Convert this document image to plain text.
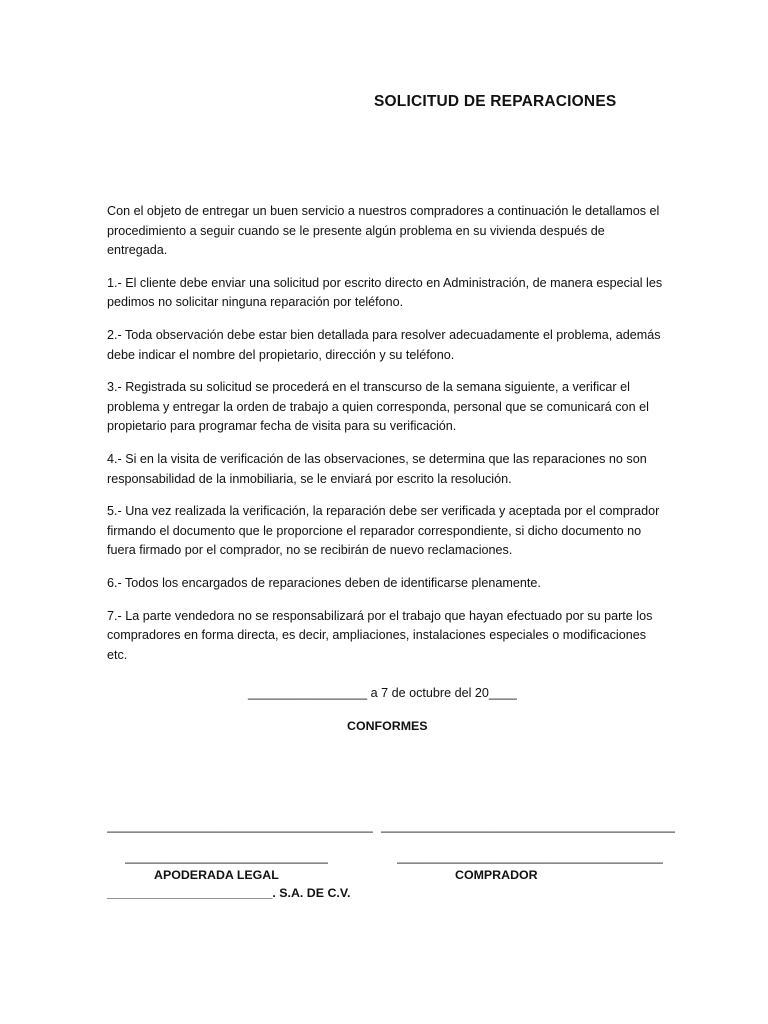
SOLICITUD DE REPARACIONES

Con el objeto de entregar un buen servicio a nuestros compradores a continuación le detallamos el procedimiento a seguir cuando se le presente algún problema en su vivienda después de entregada.

1.- El cliente debe enviar una solicitud por escrito directo en Administración, de manera especial les pedimos no solicitar ninguna reparación por teléfono.

2.- Toda observación debe estar bien detallada para resolver adecuadamente el problema, además debe indicar el nombre del propietario, dirección y su teléfono.

3.- Registrada su solicitud se procederá en el transcurso de la semana siguiente, a verificar el problema y entregar la orden de trabajo a quien corresponda, personal que se comunicará con el propietario para programar fecha de visita para su verificación.

4.- Si en la visita de verificación de las observaciones, se determina que las reparaciones no son responsabilidad de la inmobiliaria, se le enviará por escrito la resolución.

5.- Una vez realizada la verificación, la reparación debe ser verificada y aceptada por el comprador firmando el documento que le proporcione el reparador correspondiente, si dicho documento no fuera firmado por el comprador, no se recibirán de nuevo reclamaciones.

6.- Todos los encargados de reparaciones deben de identificarse plenamente.

7.- La parte vendedora no se responsabilizará por el trabajo que hayan efectuado por su parte los compradores en forma directa, es decir, ampliaciones, instalaciones especiales o modificaciones etc.

_________________ a 7 de octubre del 20____
CONFORMES
______________________________________ __________________________________________
_____________________________	______________________________________
APODERADA LEGAL	COMPRADOR
________________________. S.A. DE C.V.
